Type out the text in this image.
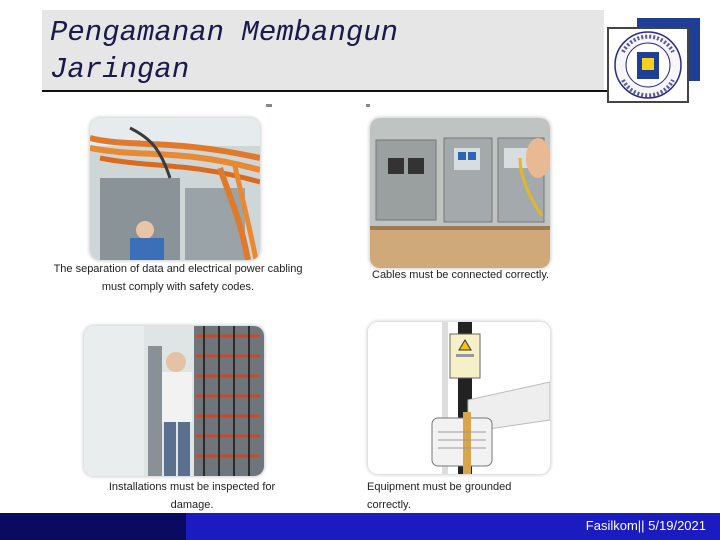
Pengamanan Membangun
Jaringan
The separation of data and electrical power cabling
must comply with safety codes.
Cables must be connected correctly.
Installations must be inspected for
damage.
Equipment must be grounded correctly.
Fasilkom|| 5/19/2021
